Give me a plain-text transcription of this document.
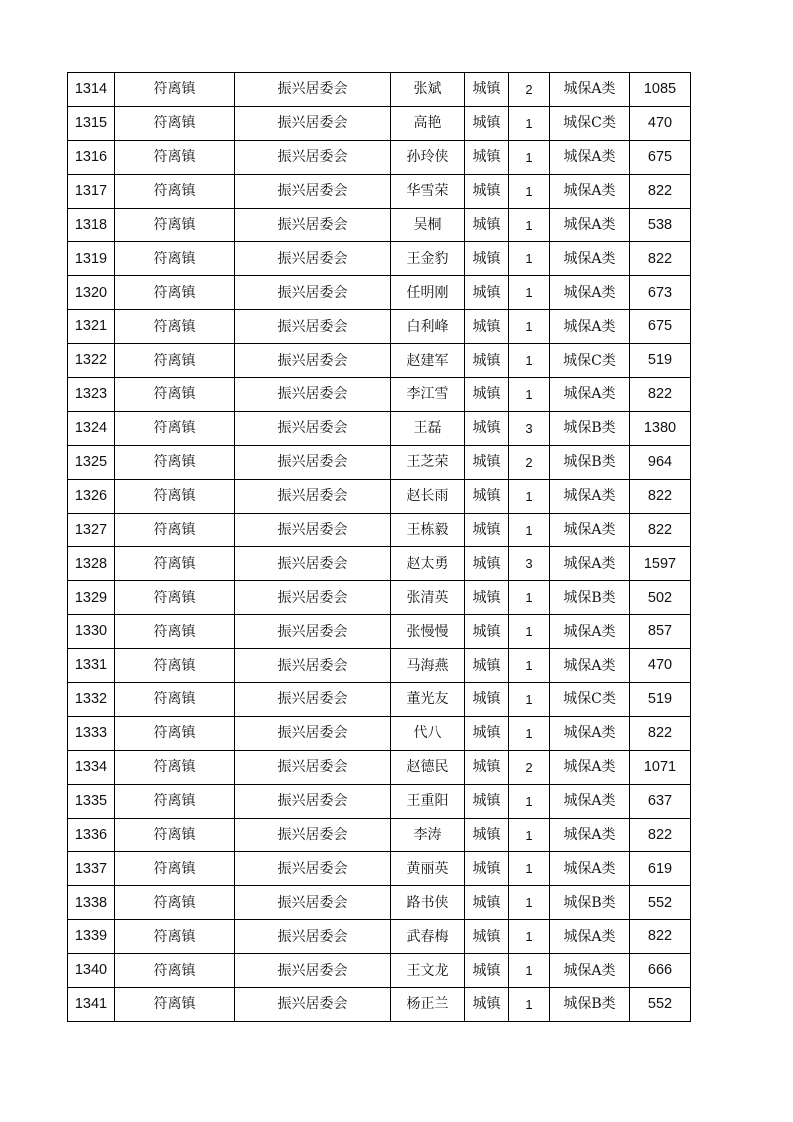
1314	符离镇	振兴居委会	张斌	城镇	2	城保A类	1085
1315	符离镇	振兴居委会	高艳	城镇	1	城保C类	470
1316	符离镇	振兴居委会	孙玲侠	城镇	1	城保A类	675
1317	符离镇	振兴居委会	华雪荣	城镇	1	城保A类	822
1318	符离镇	振兴居委会	吴桐	城镇	1	城保A类	538
1319	符离镇	振兴居委会	王金豹	城镇	1	城保A类	822
1320	符离镇	振兴居委会	任明刚	城镇	1	城保A类	673
1321	符离镇	振兴居委会	白利峰	城镇	1	城保A类	675
1322	符离镇	振兴居委会	赵建军	城镇	1	城保C类	519
1323	符离镇	振兴居委会	李江雪	城镇	1	城保A类	822
1324	符离镇	振兴居委会	王磊	城镇	3	城保B类	1380
1325	符离镇	振兴居委会	王芝荣	城镇	2	城保B类	964
1326	符离镇	振兴居委会	赵长雨	城镇	1	城保A类	822
1327	符离镇	振兴居委会	王栋毅	城镇	1	城保A类	822
1328	符离镇	振兴居委会	赵太勇	城镇	3	城保A类	1597
1329	符离镇	振兴居委会	张清英	城镇	1	城保B类	502
1330	符离镇	振兴居委会	张慢慢	城镇	1	城保A类	857
1331	符离镇	振兴居委会	马海燕	城镇	1	城保A类	470
1332	符离镇	振兴居委会	董光友	城镇	1	城保C类	519
1333	符离镇	振兴居委会	代八	城镇	1	城保A类	822
1334	符离镇	振兴居委会	赵德民	城镇	2	城保A类	1071
1335	符离镇	振兴居委会	王重阳	城镇	1	城保A类	637
1336	符离镇	振兴居委会	李涛	城镇	1	城保A类	822
1337	符离镇	振兴居委会	黄丽英	城镇	1	城保A类	619
1338	符离镇	振兴居委会	路书侠	城镇	1	城保B类	552
1339	符离镇	振兴居委会	武春梅	城镇	1	城保A类	822
1340	符离镇	振兴居委会	王文龙	城镇	1	城保A类	666
1341	符离镇	振兴居委会	杨正兰	城镇	1	城保B类	552
